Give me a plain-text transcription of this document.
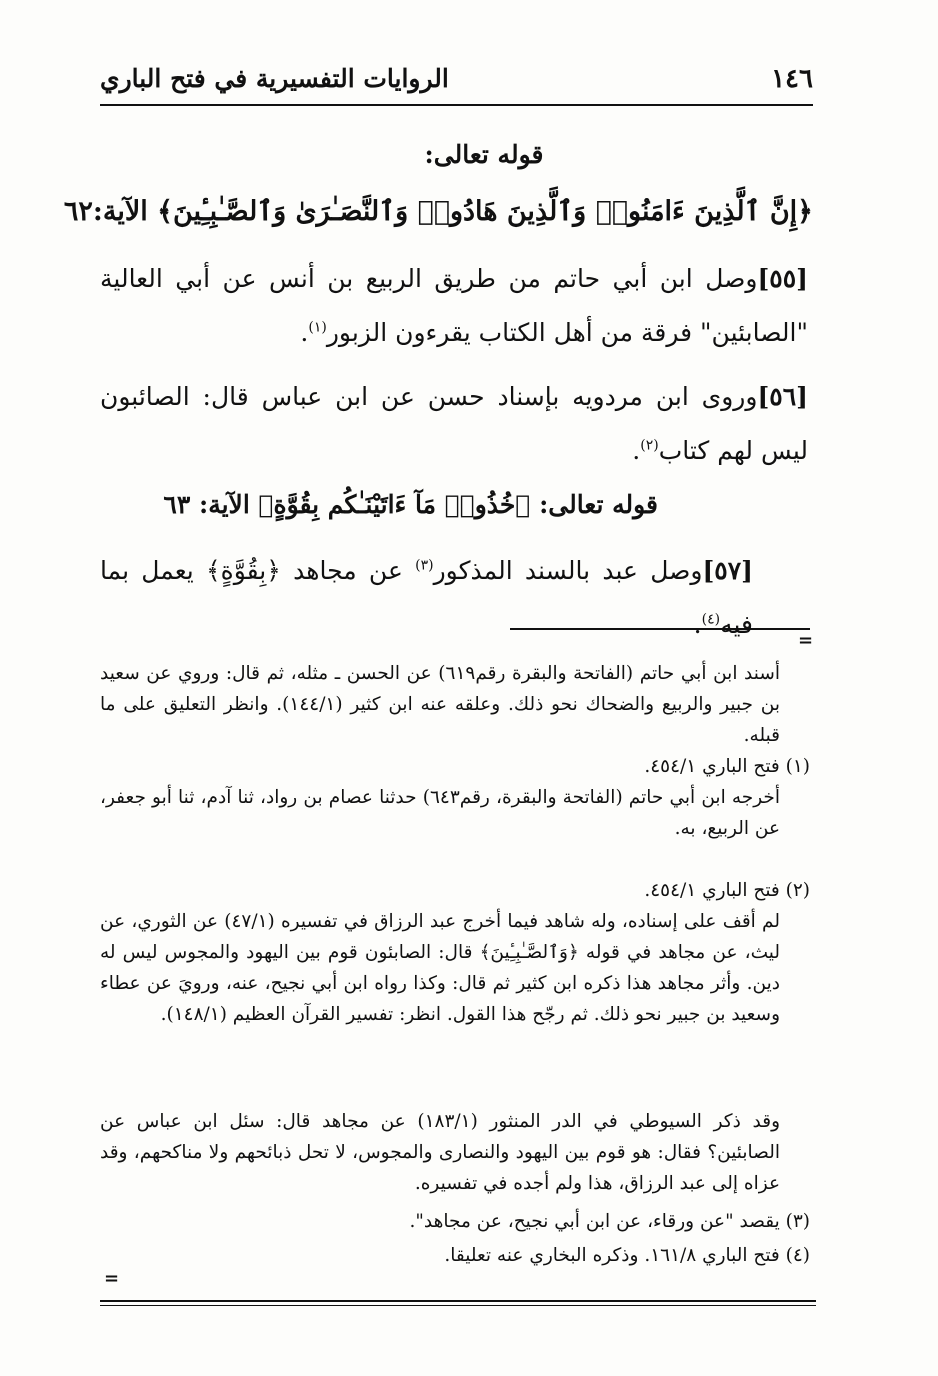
١٤٦
الروايات التفسيرية في فتح الباري
قوله تعالى:
﴿إِنَّ ٱلَّذِينَ ءَامَنُوا۟ وَٱلَّذِينَ هَادُوا۟ وَٱلنَّصَـٰرَىٰ وَٱلصَّـٰبِـِٔينَ﴾ الآية:٦٢
[٥٥]وصل ابن أبي حاتم من طريق الربيع بن أنس عن أبي العالية "الصابئين" فرقة من أهل الكتاب يقرءون الزبور$^{(١)}$.
[٥٦]وروى ابن مردويه بإسناد حسن عن ابن عباس قال: الصائبون ليس لهم كتاب$^{(٢)}$.
قوله تعالى: ﴿خُذُوا۟ مَآ ءَاتَيْنَـٰكُم بِقُوَّةٍ﴾ الآية: ٦٣
[٥٧]وصل عبد بالسند المذكور$^{(٣)}$ عن مجاهد ﴿بِقُوَّةٍ﴾ يعمل بما فيه$^{(٤)}$.
=
أسند ابن أبي حاتم (الفاتحة والبقرة رقم٦١٩) عن الحسن ـ مثله، ثم قال: وروي عن سعيد بن جبير والربيع والضحاك نحو ذلك. وعلقه عنه ابن كثير (١٤٤/١). وانظر التعليق على ما قبله.
(١) فتح الباري ٤٥٤/١.
أخرجه ابن أبي حاتم (الفاتحة والبقرة، رقم٦٤٣) حدثنا عصام بن رواد، ثنا آدم، ثنا أبو جعفر، عن الربيع، به.
(٢) فتح الباري ٤٥٤/١.
لم أقف على إسناده، وله شاهد فيما أخرج عبد الرزاق في تفسيره (٤٧/١) عن الثوري، عن ليث، عن مجاهد في قوله ﴿وَٱلصَّـٰبِـِٔينَ﴾ قال: الصابئون قوم بين اليهود والمجوس ليس له دين. وأثر مجاهد هذا ذكره ابن كثير ثم قال: وكذا رواه ابن أبي نجيح، عنه، ورويَ عن عطاء وسعيد بن جبير نحو ذلك. ثم رجّح هذا القول. انظر: تفسير القرآن العظيم (١٤٨/١).
وقد ذكر السيوطي في الدر المنثور (١٨٣/١) عن مجاهد قال: سئل ابن عباس عن الصابئين؟ فقال: هو قوم بين اليهود والنصارى والمجوس، لا تحل ذبائحهم ولا مناكحهم، وقد عزاه إلى عبد الرزاق، هذا ولم أجده في تفسيره.
(٣) يقصد "عن ورقاء، عن ابن أبي نجيح، عن مجاهد".
(٤) فتح الباري ١٦١/٨. وذكره البخاري عنه تعليقا.
=
